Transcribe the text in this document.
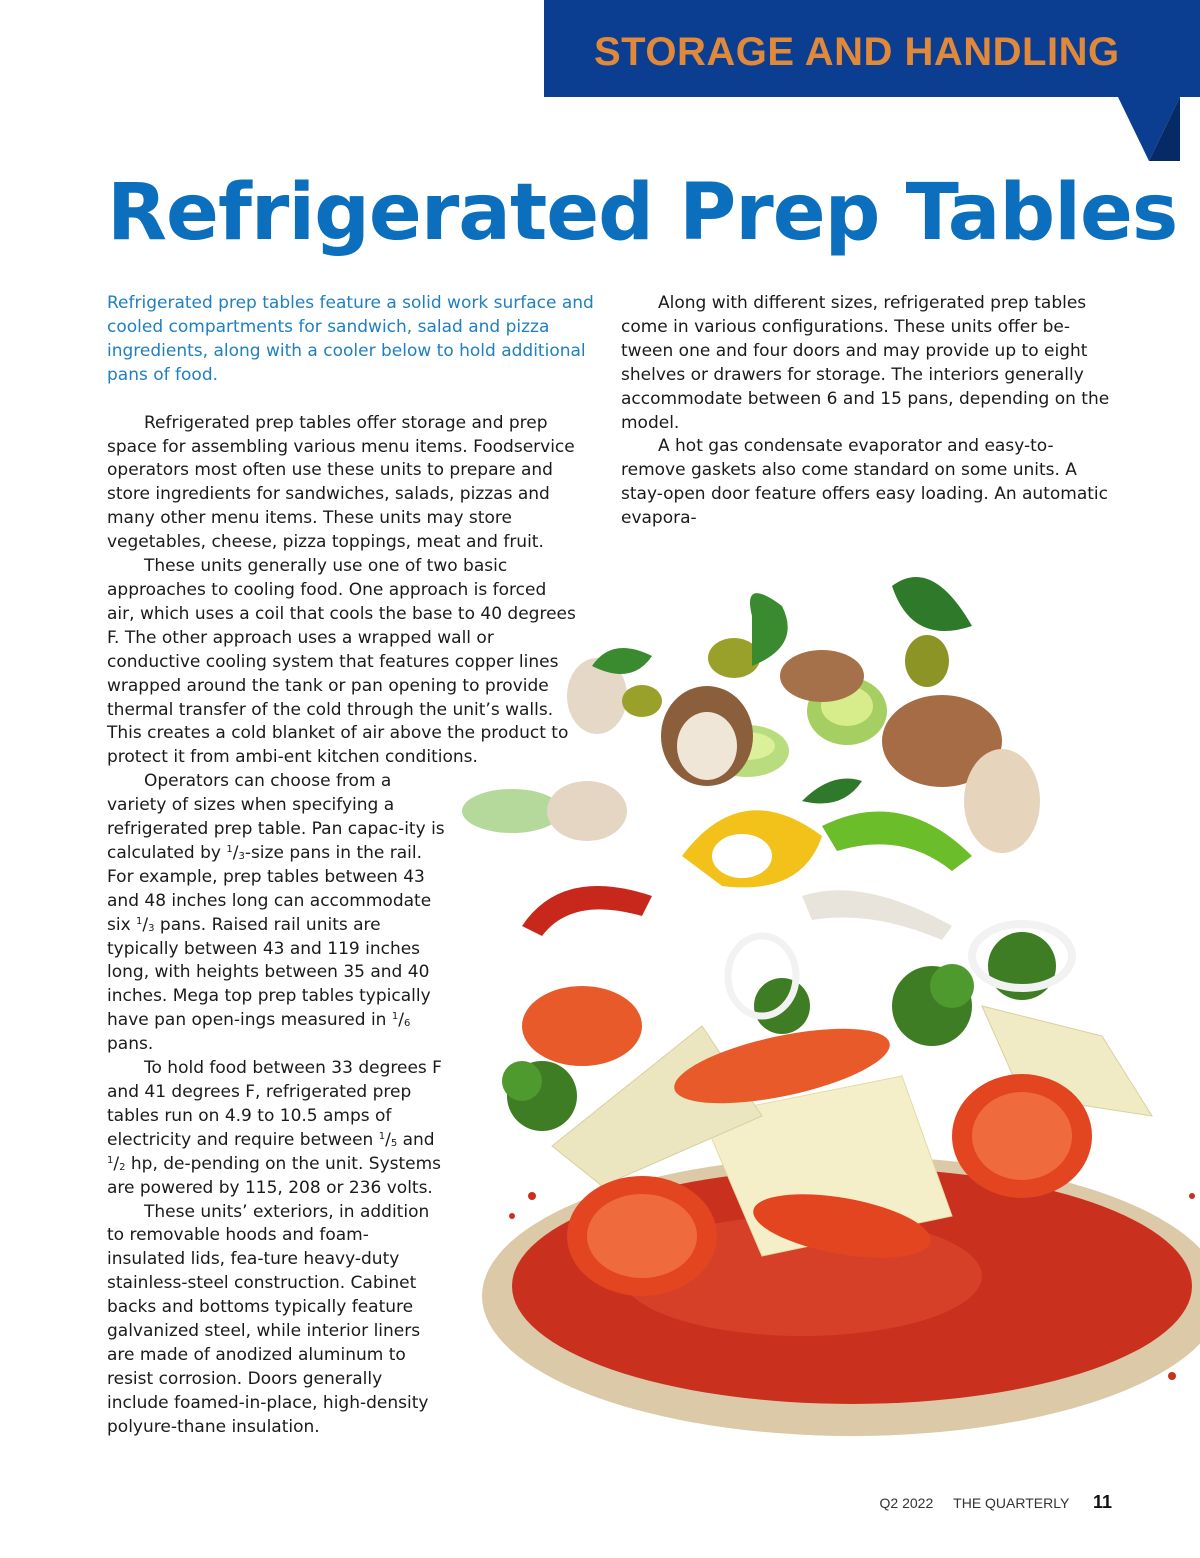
STORAGE AND HANDLING
Refrigerated Prep Tables

Refrigerated prep tables feature a solid work surface and cooled compartments for sandwich, salad and pizza ingredients, along with a cooler below to hold additional pans of food.

Refrigerated prep tables offer storage and prep space for assembling various menu items. Foodservice operators most often use these units to prepare and store ingredients for sandwiches, salads, pizzas and many other menu items. These units may store vegetables, cheese, pizza toppings, meat and fruit.

These units generally use one of two basic approaches to cooling food. One approach is forced air, which uses a coil that cools the base to 40 degrees F. The other approach uses a wrapped wall or conductive cooling system that features copper lines wrapped around the tank or pan opening to provide thermal transfer of the cold through the unit’s walls. This creates a cold blanket of air above the product to protect it from ambi-ent kitchen conditions.

Operators can choose from a variety of sizes when specifying a refrigerated prep table. Pan capac-ity is calculated by $^1/_3$-size pans in the rail. For example, prep tables between 43 and 48 inches long can accommodate six $^1/_3$ pans. Raised rail units are typically between 43 and 119 inches long, with heights between 35 and 40 inches. Mega top prep tables typically have pan open-ings measured in $^1/_6$ pans.

To hold food between 33 degrees F and 41 degrees F, refrigerated prep tables run on 4.9 to 10.5 amps of electricity and require between $^1/_5$ and $^1/_2$ hp, de-pending on the unit. Systems are powered by 115, 208 or 236 volts.

These units’ exteriors, in addition to removable hoods and foam-insulated lids, fea-ture heavy-duty stainless-steel construction. Cabinet backs and bottoms typically feature galvanized steel, while interior liners are made of anodized aluminum to resist corrosion. Doors generally include foamed-in-place, high-density polyure-thane insulation.

Along with different sizes, refrigerated prep tables come in various configurations. These units offer be-tween one and four doors and may provide up to eight shelves or drawers for storage. The interiors generally accommodate between 6 and 15 pans, depending on the model.

A hot gas condensate evaporator and easy-to-remove gaskets also come standard on some units. A stay-open door feature offers easy loading. An automatic evapora-

Q2 2022 THE QUARTERLY 11
